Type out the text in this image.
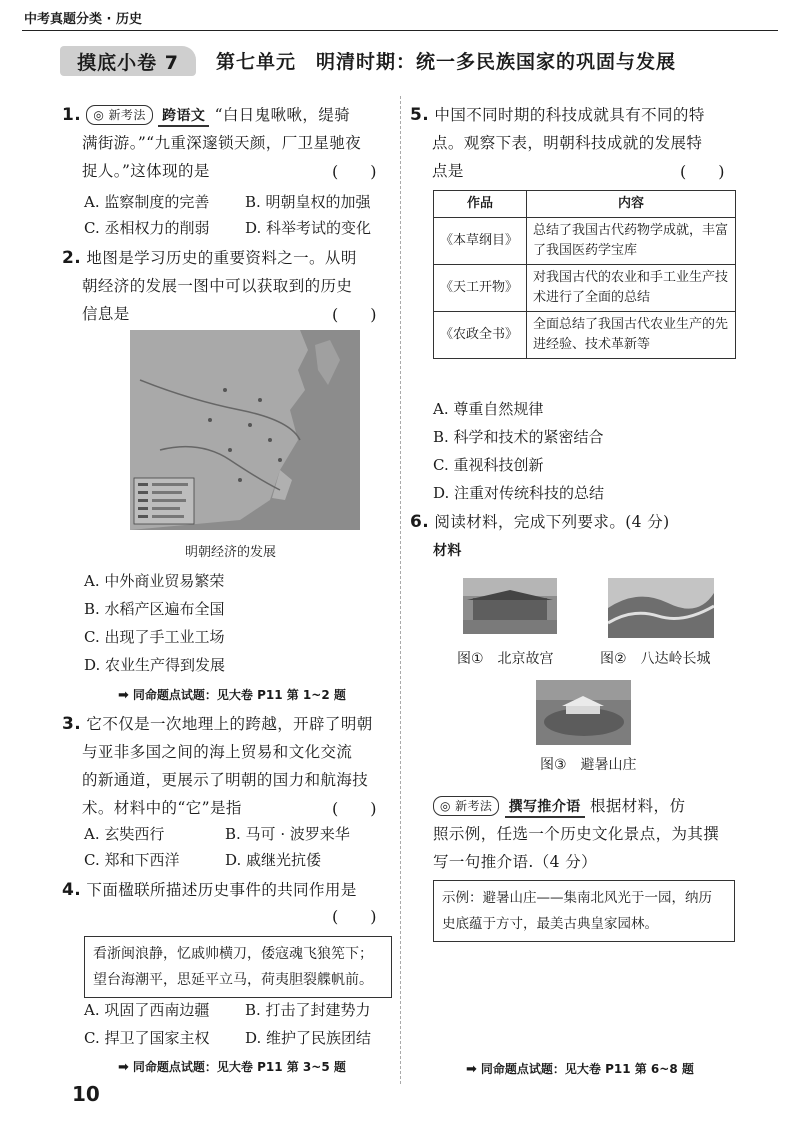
中考真题分类 · 历史
摸底小卷 7	第七单元　明清时期：统一多民族国家的巩固与发展
1. ◎ 新考法 跨语文 “白日鬼啾啾，缇骑
满街游。”“九重深邃锁天颜，厂卫星驰夜
捉人。”这体现的是	(　　)
A. 监察制度的完善 B. 明朝皇权的加强
C. 丞相权力的削弱 D. 科举考试的变化
2. 地图是学习历史的重要资料之一。从明
朝经济的发展一图中可以获取到的历史
信息是	(　　)
明朝经济的发展
A. 中外商业贸易繁荣
B. 水稻产区遍布全国
C. 出现了手工业工场
D. 农业生产得到发展
➡ 同命题点试题：见大卷 P11 第 1~2 题
3. 它不仅是一次地理上的跨越，开辟了明朝
与亚非多国之间的海上贸易和文化交流
的新通道，更展示了明朝的国力和航海技
术。材料中的“它”是指	(　　)
A. 玄奘西行	B. 马可 · 波罗来华
C. 郑和下西洋	D. 戚继光抗倭
4. 下面楹联所描述历史事件的共同作用是
(　　)
看浙闽浪静，忆戚帅横刀，倭寇魂飞狼筅下；
望台海潮平，思延平立马，荷夷胆裂艓帆前。
A. 巩固了西南边疆 B. 打击了封建势力
C. 捍卫了国家主权 D. 维护了民族团结
➡ 同命题点试题：见大卷 P11 第 3~5 题
5. 中国不同时期的科技成就具有不同的特
点。观察下表，明朝科技成就的发展特
点是	(　　)
作品	内容
《本草纲目》	总结了我国古代药物学成就，丰富了我国医药学宝库
《天工开物》	对我国古代的农业和手工业生产技术进行了全面的总结
《农政全书》	全面总结了我国古代农业生产的先进经验、技术革新等
A. 尊重自然规律
B. 科学和技术的紧密结合
C. 重视科技创新
D. 注重对传统科技的总结
6. 阅读材料，完成下列要求。(4 分)
材料
图①　北京故宫	图②　八达岭长城
图③　避暑山庄
◎ 新考法 撰写推介语 根据材料，仿
照示例，任选一个历史文化景点，为其撰
写一句推介语.（4 分）
示例：避暑山庄——集南北风光于一园，纳历
史底蕴于方寸，最美古典皇家园林。
➡ 同命题点试题：见大卷 P11 第 6~8 题
10
